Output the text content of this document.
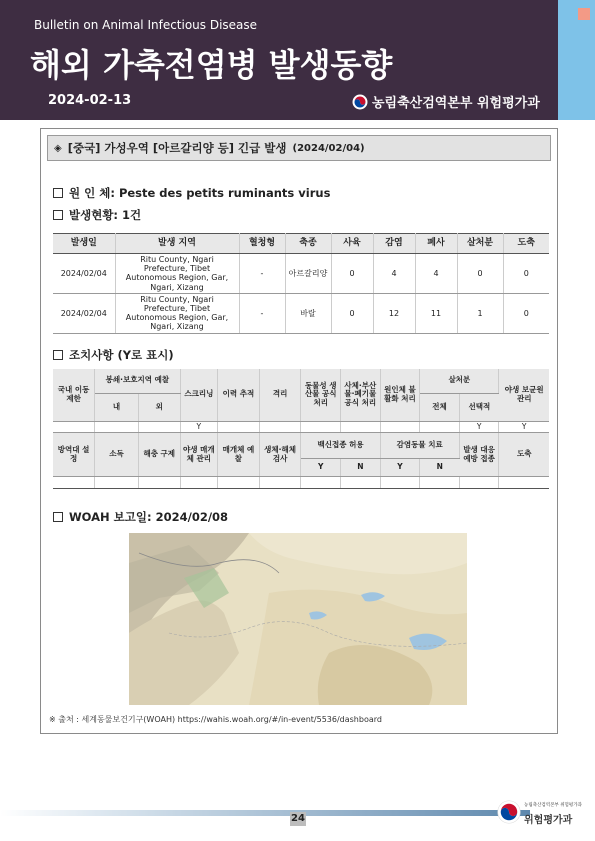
Bulletin on Animal Infectious Disease
해외 가축전염병 발생동향
2024-02-13	농림축산검역본부 위험평가과
◈ [중국] 가성우역 [아르갈리양 등] 긴급 발생 (2024/02/04)
원 인 체: Peste des petits ruminants virus
발생현황: 1건
발생일	발생 지역	혈청형	축종	사육	감염	폐사	살처분	도축
2024/02/04	Ritu County, Ngari Prefecture, Tibet Autonomous Region, Gar, Ngari, Xizang	-	아르갈리양	0	4	4	0	0
2024/02/04	Ritu County, Ngari Prefecture, Tibet Autonomous Region, Gar, Ngari, Xizang	-	바랄	0	12	11	1	0
조치사항 (Y로 표시)
국내 이동 제한	봉쇄·보호지역 예찰		스크리닝	이력 추적	격리	동물성 생산물 공식 처리	사체·부산물·폐기물 공식 처리	원인체 불활화 처리	살처분		야생 보균원 관리
	내	외							전체	선택적	
			Y							Y	Y
방역대 설정	소독	해충 구제	야생 매개체 관리	매개체 예찰	생체·해체 검사	백신접종 허용		감염동물 치료		발생 대응 예방 접종	도축
						Y	N	Y	N		

WOAH 보고일: 2024/02/08
※ 출처 : 세계동물보건기구(WOAH) https://wahis.woah.org/#/in-event/5536/dashboard
24
농림축산검역본부 위험평가과
위험평가과
